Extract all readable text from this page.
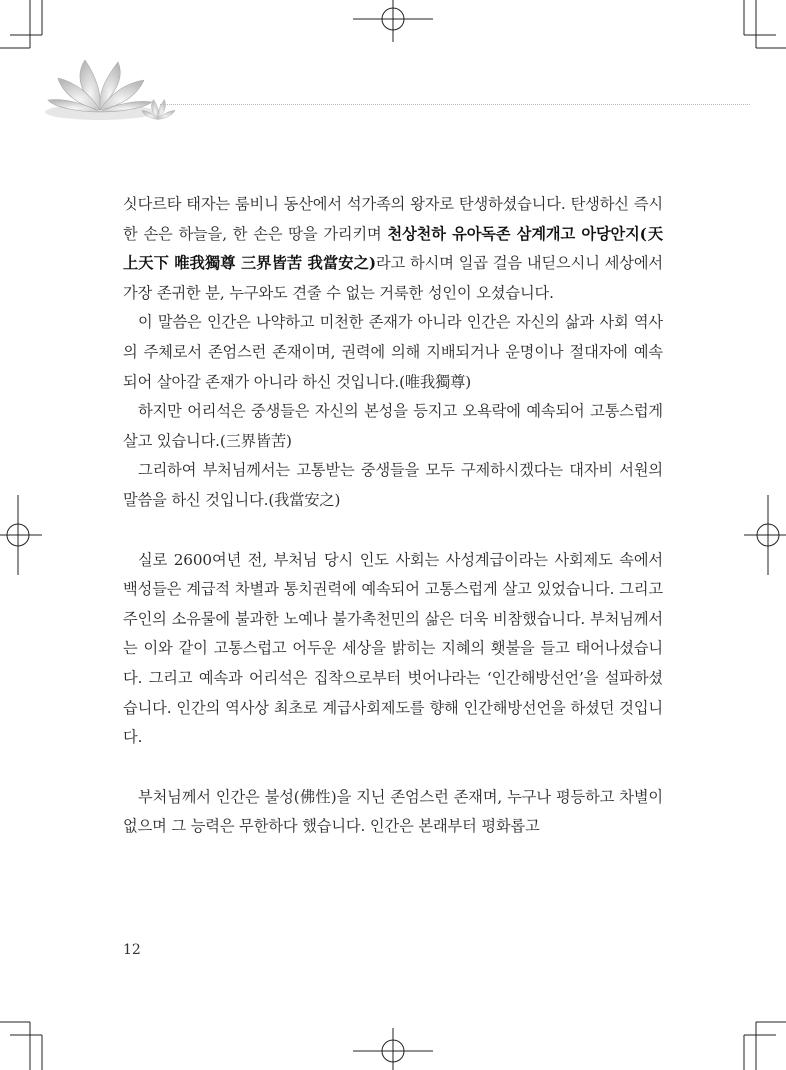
싯다르타 태자는 룸비니 동산에서 석가족의 왕자로 탄생하셨습니다. 탄생하신 즉시 한 손은 하늘을, 한 손은 땅을 가리키며 천상천하 유아독존 삼계개고 아당안지(天上天下 唯我獨尊 三界皆苦 我當安之)라고 하시며 일곱 걸음 내딛으시니 세상에서 가장 존귀한 분, 누구와도 견줄 수 없는 거룩한 성인이 오셨습니다.

이 말씀은 인간은 나약하고 미천한 존재가 아니라 인간은 자신의 삶과 사회 역사의 주체로서 존엄스런 존재이며, 권력에 의해 지배되거나 운명이나 절대자에 예속되어 살아갈 존재가 아니라 하신 것입니다.(唯我獨尊)

하지만 어리석은 중생들은 자신의 본성을 등지고 오욕락에 예속되어 고통스럽게 살고 있습니다.(三界皆苦)

그리하여 부처님께서는 고통받는 중생들을 모두 구제하시겠다는 대자비 서원의 말씀을 하신 것입니다.(我當安之)

실로 2600여년 전, 부처님 당시 인도 사회는 사성계급이라는 사회제도 속에서 백성들은 계급적 차별과 통치권력에 예속되어 고통스럽게 살고 있었습니다. 그리고 주인의 소유물에 불과한 노예나 불가촉천민의 삶은 더욱 비참했습니다. 부처님께서는 이와 같이 고통스럽고 어두운 세상을 밝히는 지혜의 횃불을 들고 태어나셨습니다. 그리고 예속과 어리석은 집착으로부터 벗어나라는 ‘인간해방선언’을 설파하셨습니다. 인간의 역사상 최초로 계급사회제도를 향해 인간해방선언을 하셨던 것입니다.

부처님께서 인간은 불성(佛性)을 지닌 존엄스런 존재며, 누구나 평등하고 차별이 없으며 그 능력은 무한하다 했습니다. 인간은 본래부터 평화롭고

12
